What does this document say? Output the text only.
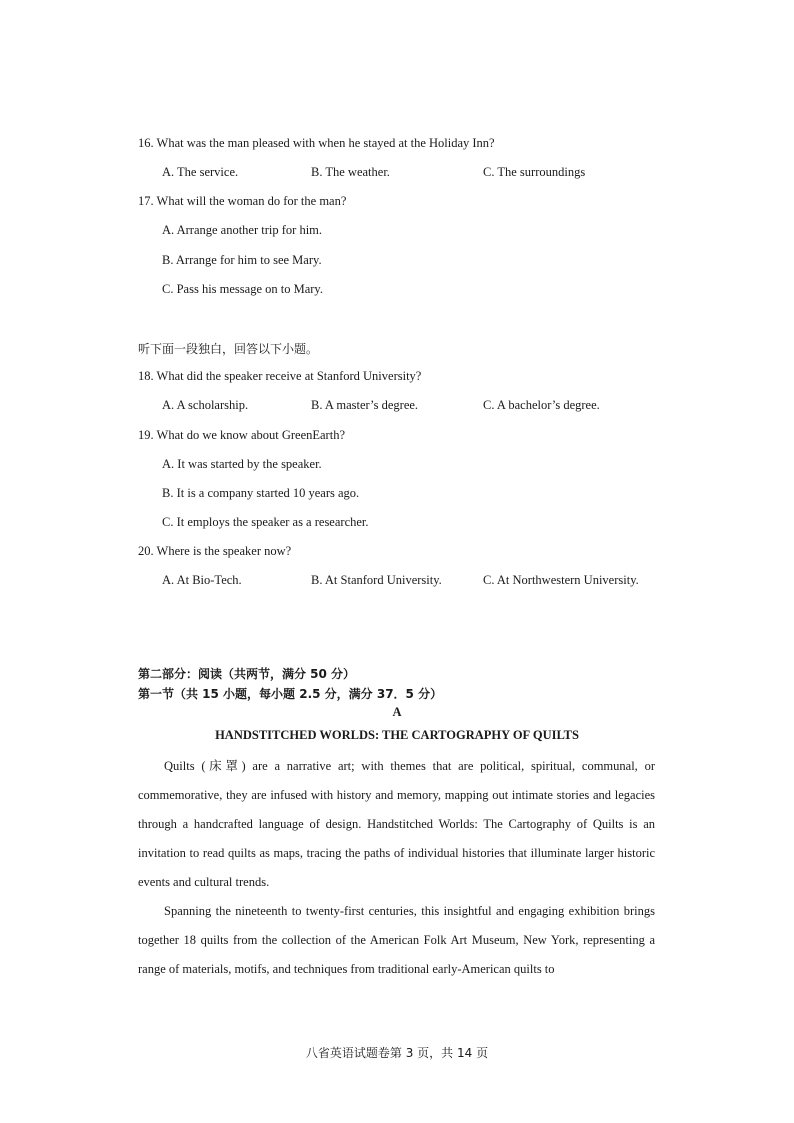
16. What was the man pleased with when he stayed at the Holiday Inn?
A. The service.	B. The weather.	C. The surroundings
17. What will the woman do for the man?
A. Arrange another trip for him.
B. Arrange for him to see Mary.
C. Pass his message on to Mary.
听下面一段独白，回答以下小题。
18. What did the speaker receive at Stanford University?
A. A scholarship.	B. A master’s degree.	C. A bachelor’s degree.
19. What do we know about GreenEarth?
A. It was started by the speaker.
B. It is a company started 10 years ago.
C. It employs the speaker as a researcher.
20. Where is the speaker now?
A. At Bio-Tech.	B. At Stanford University.	C. At Northwestern University.
第二部分：阅读（共两节，满分 50 分）
第一节（共 15 小题，每小题 2.5 分，满分 37．5 分）
A
HANDSTITCHED WORLDS: THE CARTOGRAPHY OF QUILTS

Quilts (床罩) are a narrative art; with themes that are political, spiritual, communal, or commemorative, they are infused with history and memory, mapping out intimate stories and legacies through a handcrafted language of design. Handstitched Worlds: The Cartography of Quilts is an invitation to read quilts as maps, tracing the paths of individual histories that illuminate larger historic events and cultural trends.

Spanning the nineteenth to twenty-first centuries, this insightful and engaging exhibition brings together 18 quilts from the collection of the American Folk Art Museum, New York, representing a range of materials, motifs, and techniques from traditional early-American quilts to

八省英语试题卷第 3 页，共 14 页
